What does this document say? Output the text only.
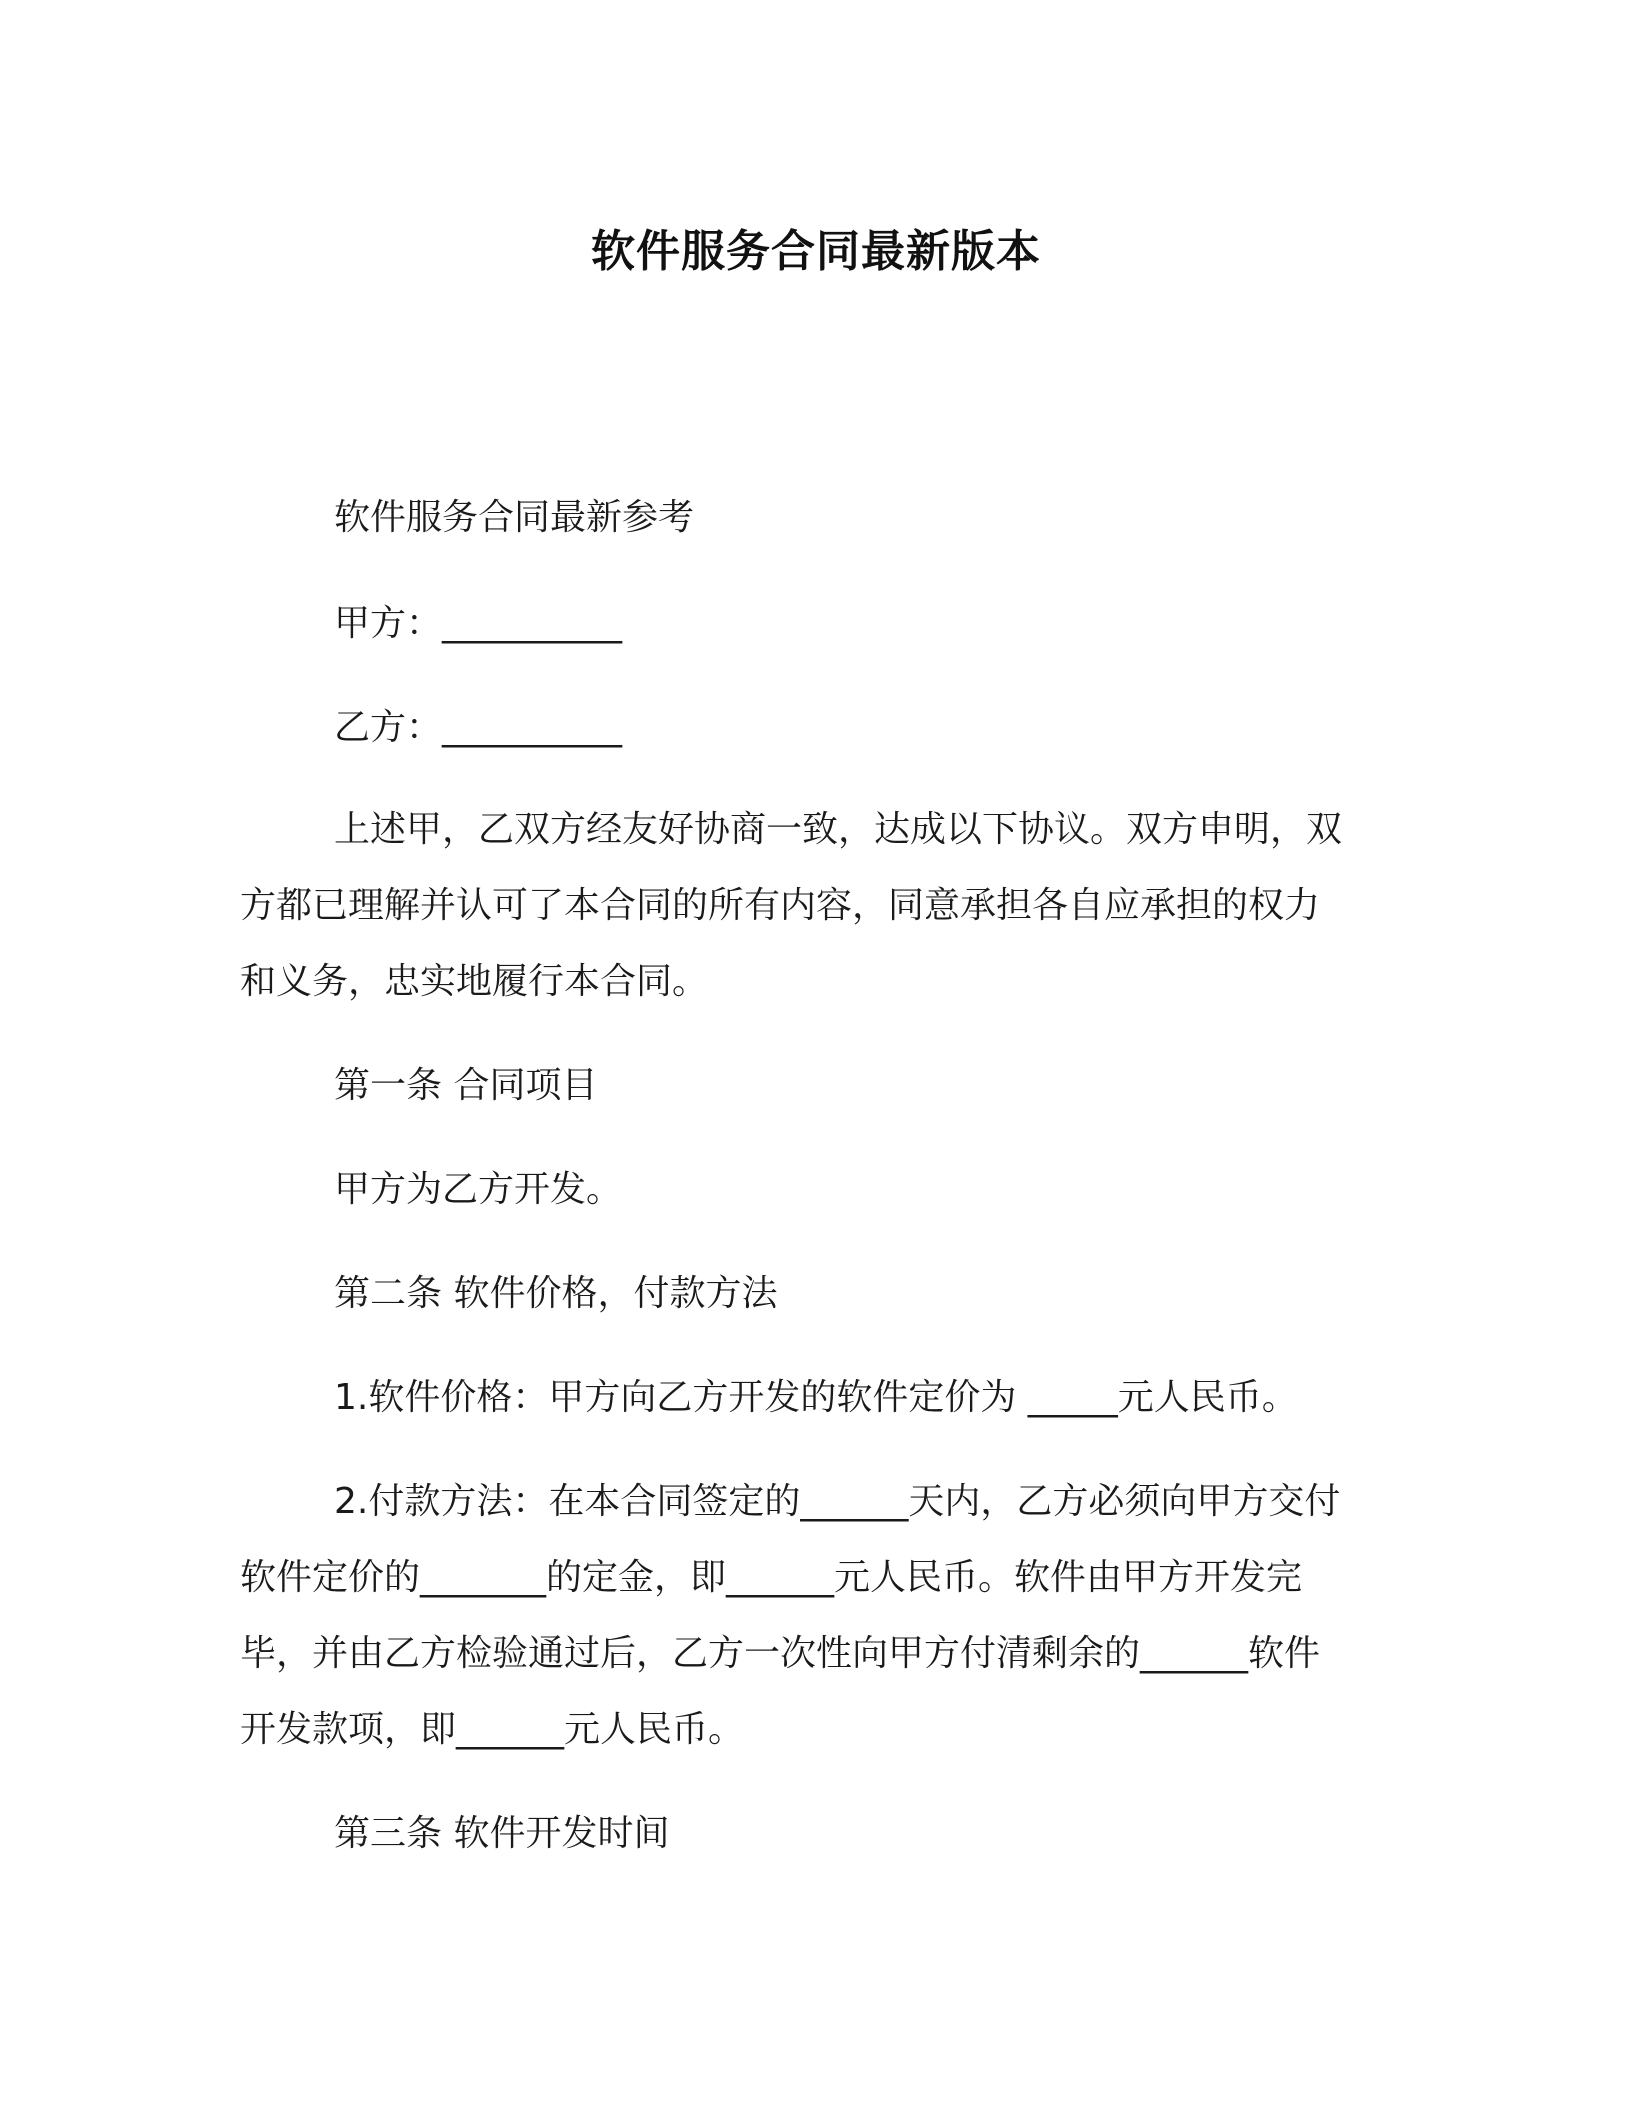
软件服务合同最新版本
软件服务合同最新参考
甲方：__________
乙方：__________
上述甲，乙双方经友好协商一致，达成以下协议。双方申明，双
方都已理解并认可了本合同的所有内容，同意承担各自应承担的权力
和义务，忠实地履行本合同。
第一条 合同项目
甲方为乙方开发。
第二条 软件价格，付款方法
1.软件价格：甲方向乙方开发的软件定价为 _____元人民币。
2.付款方法：在本合同签定的______天内，乙方必须向甲方交付
软件定价的_______的定金，即______元人民币。软件由甲方开发完
毕，并由乙方检验通过后，乙方一次性向甲方付清剩余的______软件
开发款项，即______元人民币。
第三条 软件开发时间
